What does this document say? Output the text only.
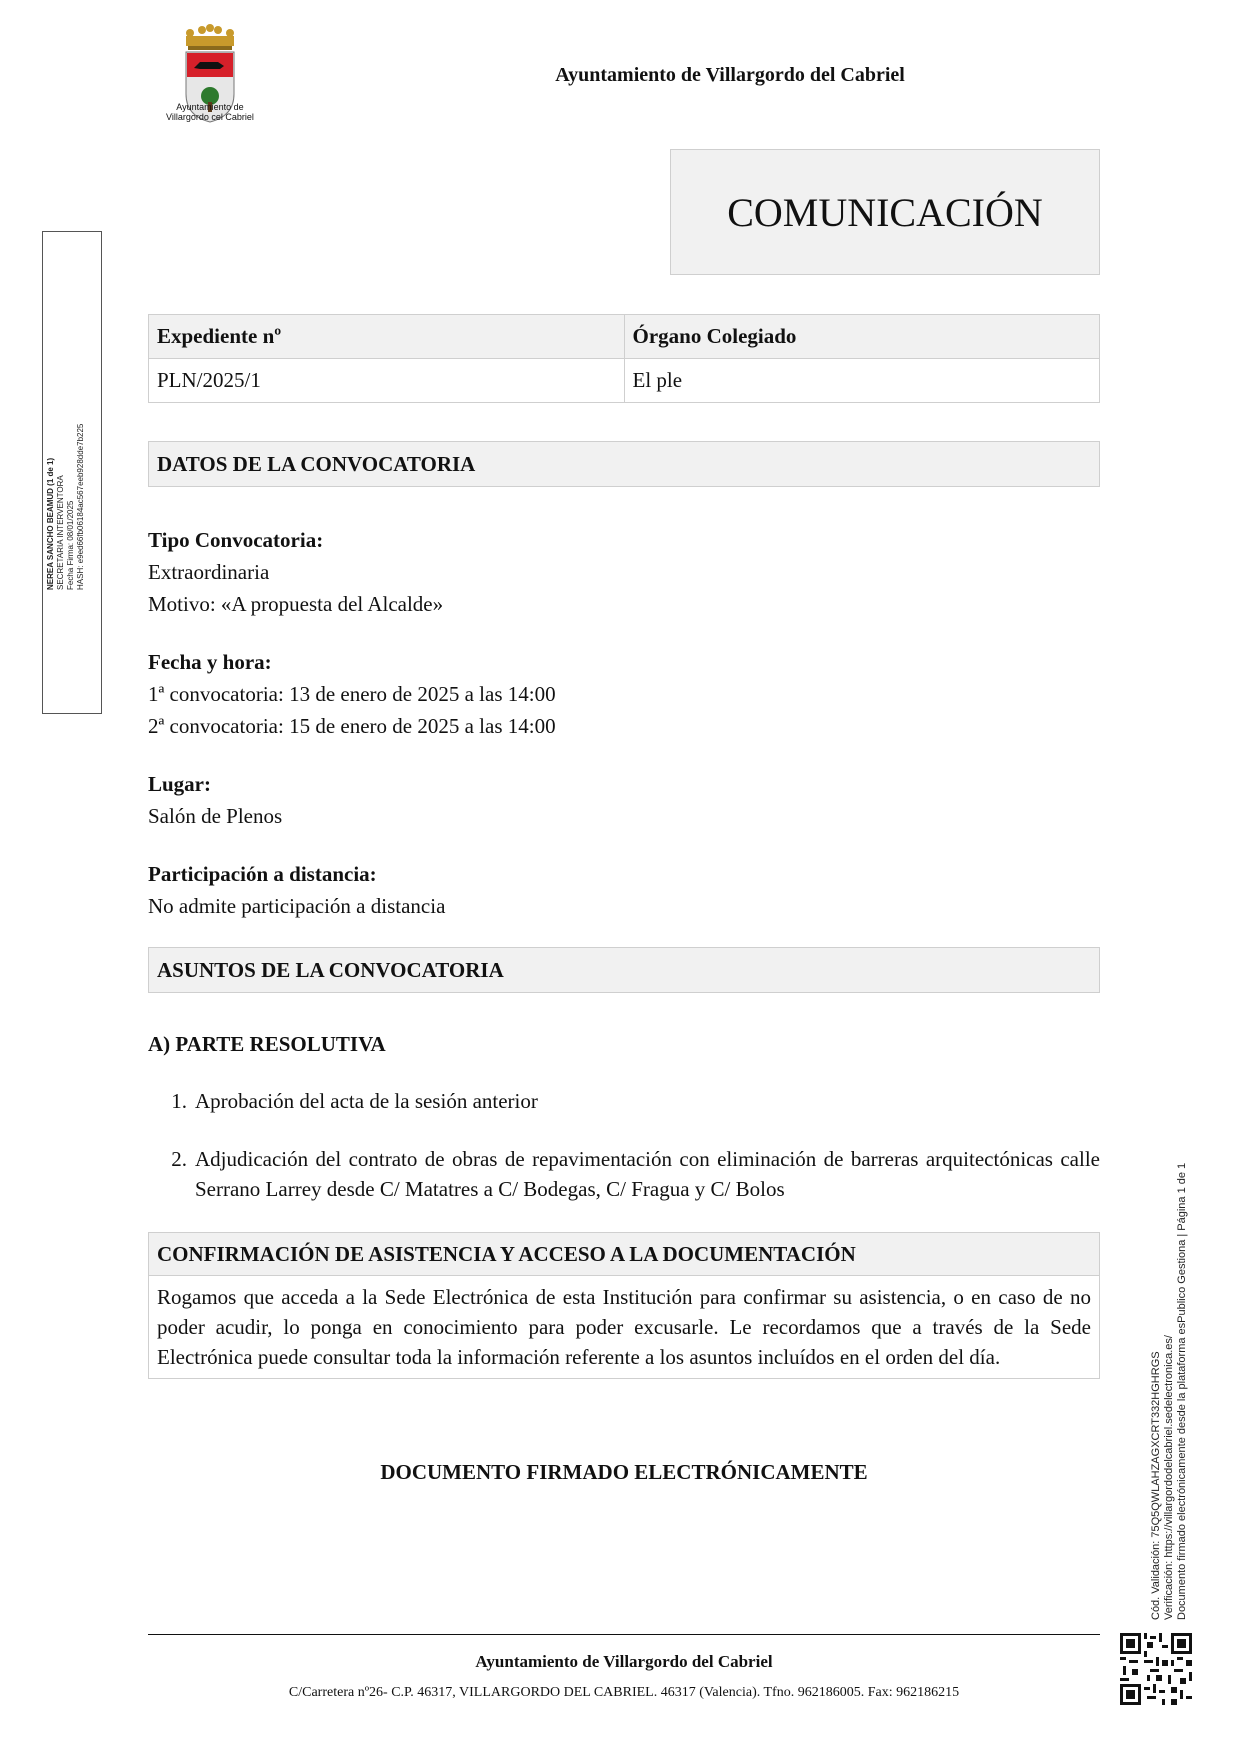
Ayuntamiento de
Villargordo cel Cabriel
Ayuntamiento de Villargordo del Cabriel
COMUNICACIÓN
NEREA SANCHO BEAMUD (1 de 1) SECRETARIA INTERVENTORA Fecha Firma: 08/01/2025 HASH: e9ed66fb06184ac567eeb928dde7b225
Expediente nº	Órgano Colegiado
PLN/2025/1	El ple
DATOS DE LA CONVOCATORIA
Tipo Convocatoria:
Extraordinaria
Motivo: «A propuesta del Alcalde»
Fecha y hora:
1ª convocatoria: 13 de enero de 2025 a las 14:00
2ª convocatoria: 15 de enero de 2025 a las 14:00
Lugar:
Salón de Plenos
Participación a distancia:
No admite participación a distancia
ASUNTOS DE LA CONVOCATORIA
A) PARTE RESOLUTIVA
1. Aprobación del acta de la sesión anterior
2. Adjudicación del contrato de obras de repavimentación con eliminación de barreras arquitectónicas calle Serrano Larrey desde C/ Matatres a C/ Bodegas, C/ Fragua y C/ Bolos
CONFIRMACIÓN DE ASISTENCIA Y ACCESO A LA DOCUMENTACIÓN
Rogamos que acceda a la Sede Electrónica de esta Institución para confirmar su asistencia, o en caso de no poder acudir, lo ponga en conocimiento para poder excusarle. Le recordamos que a través de la Sede Electrónica puede consultar toda la información referente a los asuntos incluídos en el orden del día.
DOCUMENTO FIRMADO ELECTRÓNICAMENTE	Cód. Validación: 75Q5QWLAHZAGXCRT332HGHRGS Verificación: https://villargordodelcabriel.sedelectronica.es/ Documento firmado electrónicamente desde la plataforma esPublico Gestiona | Página 1 de 1
Ayuntamiento de Villargordo del Cabriel
C/Carretera nº26- C.P. 46317, VILLARGORDO DEL CABRIEL. 46317 (Valencia). Tfno. 962186005. Fax: 962186215
